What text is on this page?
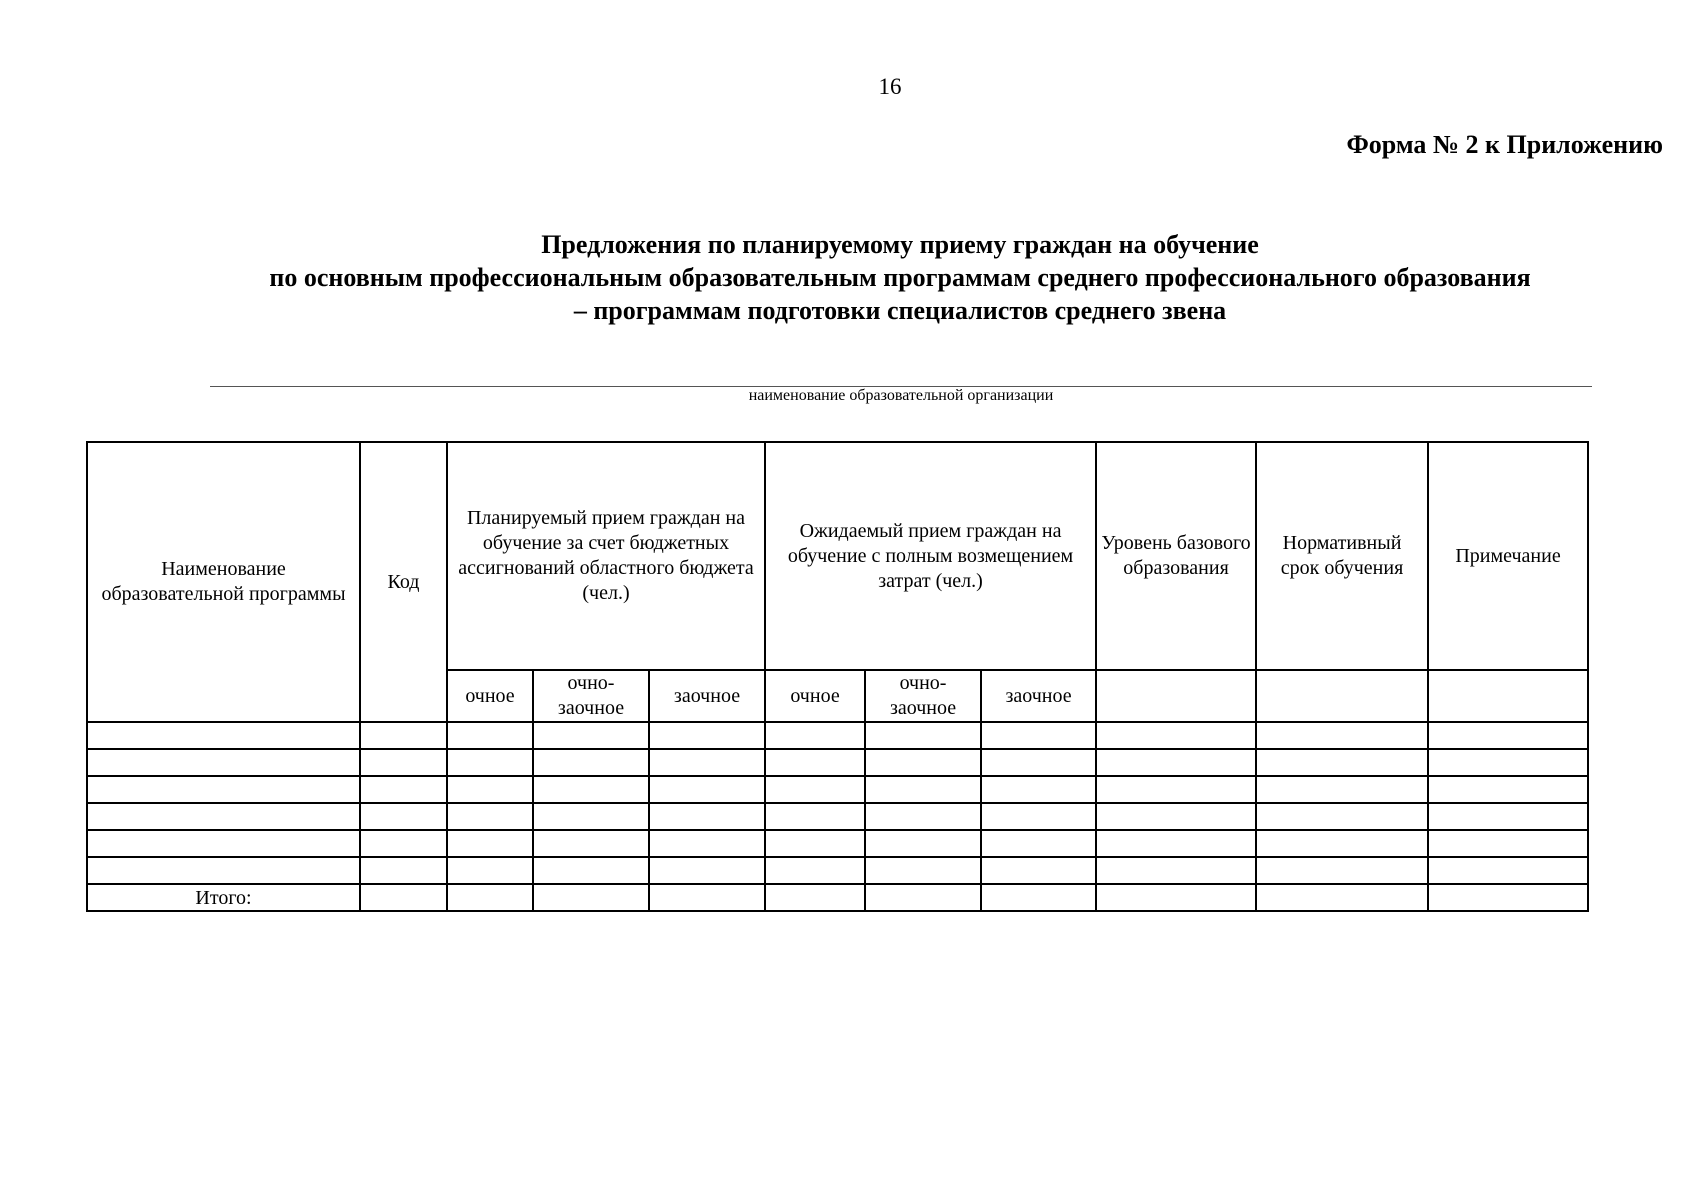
16
Форма № 2 к Приложению
Предложения по планируемому приему граждан на обучение
по основным профессиональным образовательным программам среднего профессионального образования
– программам подготовки специалистов среднего звена
наименование образовательной организации
Наименование образовательной программы	Код	Планируемый прием граждан на обучение за счет бюджетных ассигнований областного бюджета (чел.)			Ожидаемый прием граждан на обучение с полным возмещением затрат (чел.)			Уровень базового образования	Нормативный срок обучения	Примечание
		очное	очно-заочное	заочное	очное	очно-заочное	заочное			

Итого:										
